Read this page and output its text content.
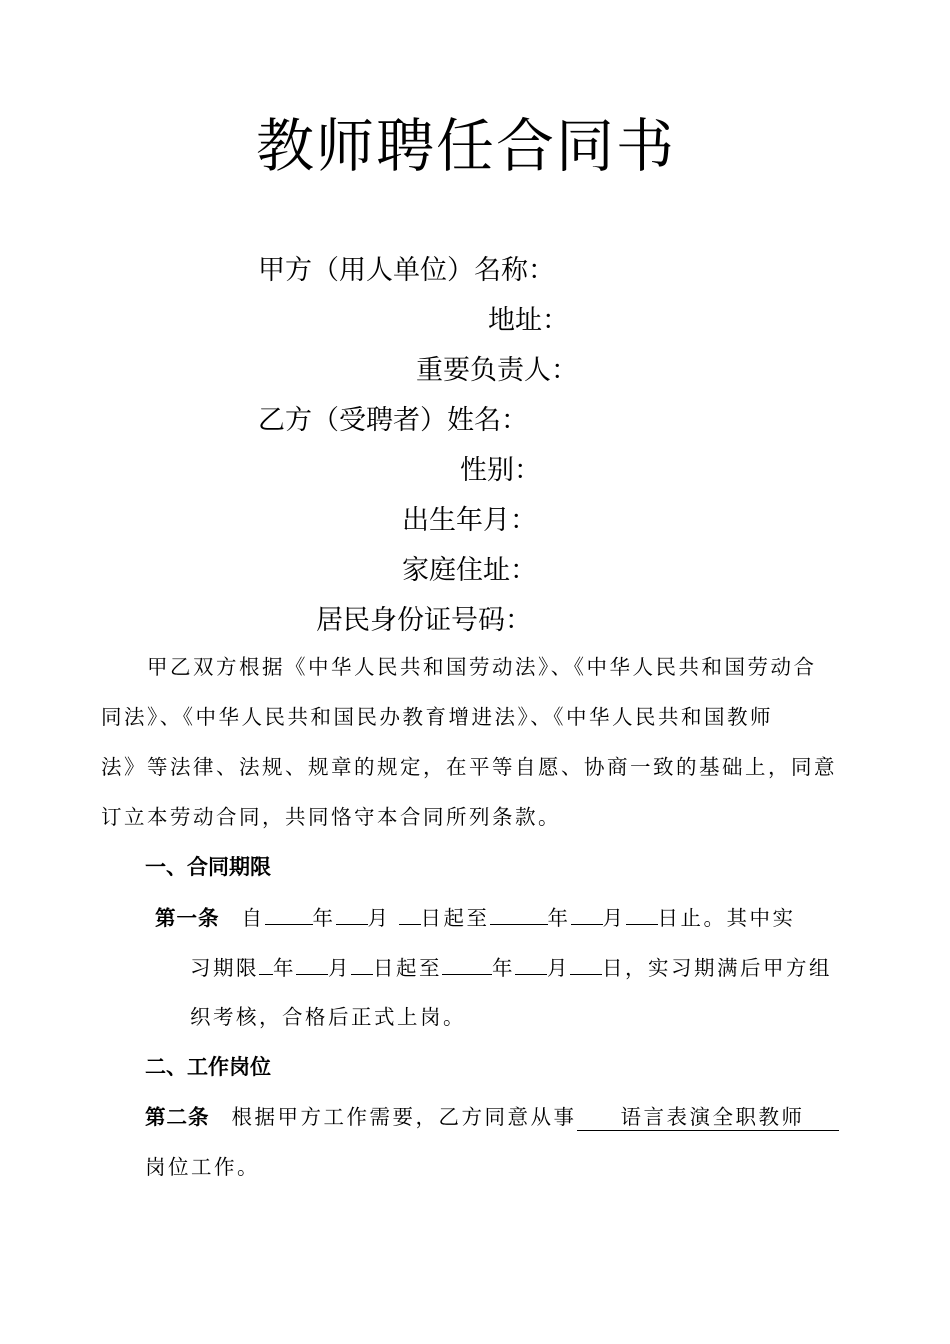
教师聘任合同书
甲方（用人单位）名称：
地址：
重要负责人：
乙方（受聘者）姓名：
性别：
出生年月：
家庭住址：
居民身份证号码：
甲乙双方根据《中华人民共和国劳动法》、《中华人民共和国劳动合
同法》、《中华人民共和国民办教育增进法》、《中华人民共和国教师
法》等法律、法规、规章的规定，在平等自愿、协商一致的基础上，同意
订立本劳动合同，共同恪守本合同所列条款。
一、合同期限
第一条 自 年 月 日起至	年 月 日止。其中实
习期限 年 月 日起至 年 月 日，实习期满后甲方组
织考核，合格后正式上岗。
二、工作岗位
第二条 根据甲方工作需要，乙方同意从事 语言表演全职教师
岗位工作。
